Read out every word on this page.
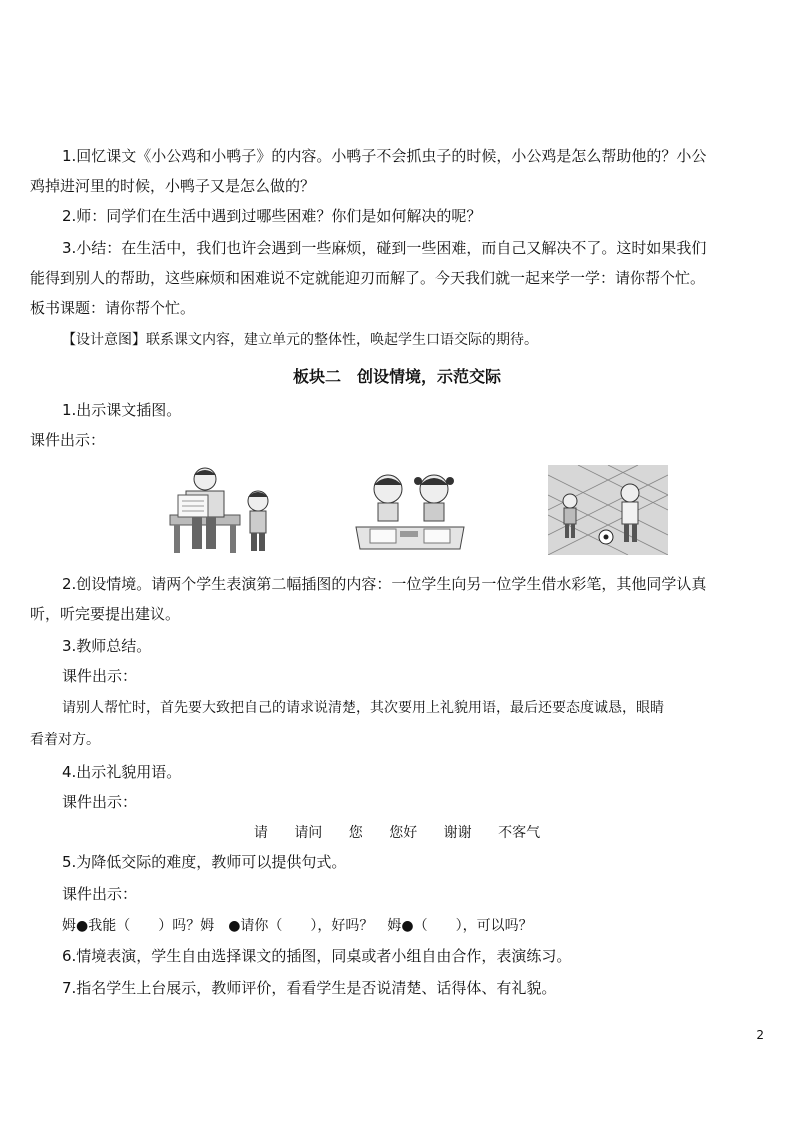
1.回忆课文《小公鸡和小鸭子》的内容。小鸭子不会抓虫子的时候，小公鸡是怎么帮助他的？小公
鸡掉进河里的时候，小鸭子又是怎么做的？
2.师：同学们在生活中遇到过哪些困难？你们是如何解决的呢？
3.小结：在生活中，我们也许会遇到一些麻烦，碰到一些困难，而自己又解决不了。这时如果我们
能得到别人的帮助，这些麻烦和困难说不定就能迎刃而解了。今天我们就一起来学一学：请你帮个忙。
板书课题：请你帮个忙。
【设计意图】联系课文内容，建立单元的整体性，唤起学生口语交际的期待。
板块二　创设情境，示范交际
1.出示课文插图。
课件出示：
2.创设情境。请两个学生表演第二幅插图的内容：一位学生向另一位学生借水彩笔，其他同学认真
听，听完要提出建议。
3.教师总结。
课件出示：
请别人帮忙时，首先要大致把自己的请求说清楚，其次要用上礼貌用语，最后还要态度诚恳，眼睛
看着对方。
4.出示礼貌用语。
课件出示：
请 请问 您 您好 谢谢 不客气
5.为降低交际的难度，教师可以提供句式。
课件出示：
姆●我能（　　）吗？姆　●请你（　　），好吗？　姆●（　　），可以吗？
6.情境表演，学生自由选择课文的插图，同桌或者小组自由合作，表演练习。
7.指名学生上台展示，教师评价，看看学生是否说清楚、话得体、有礼貌。
2
